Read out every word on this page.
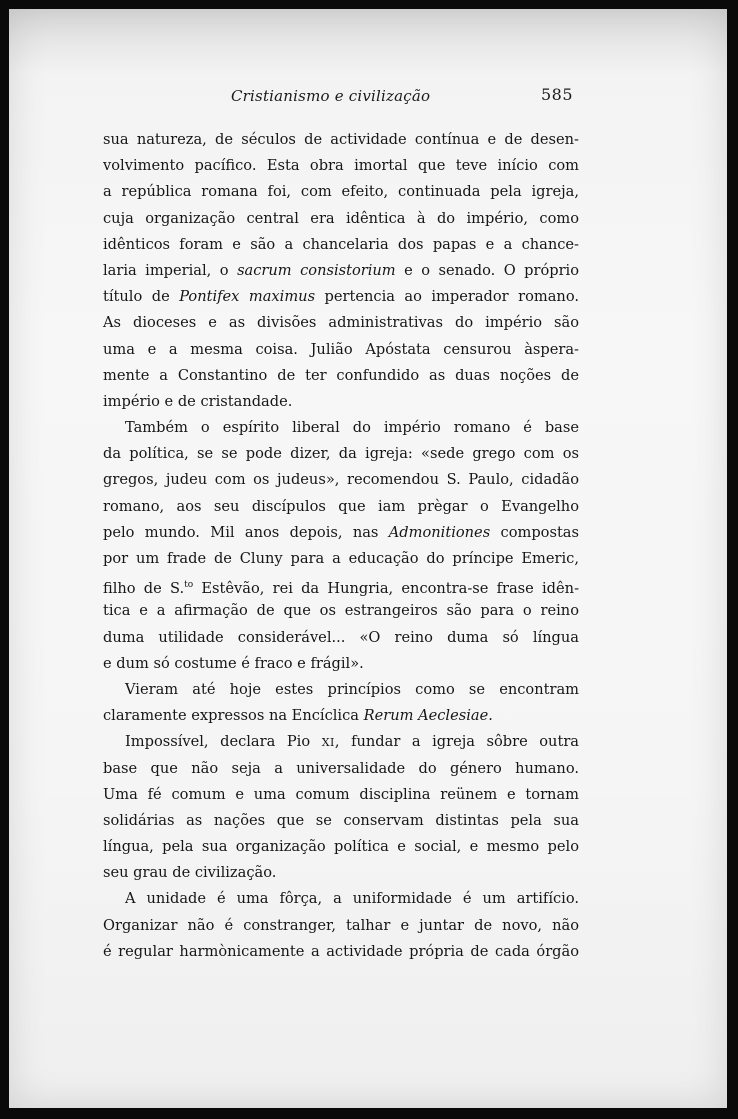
Cristianismo e civilização	585
sua natureza, de séculos de actividade contínua e de desen-
volvimento pacífico. Esta obra imortal que teve início com
a república romana foi, com efeito, continuada pela igreja,
cuja organização central era idêntica à do império, como
idênticos foram e são a chancelaria dos papas e a chance-
laria imperial, o sacrum consistorium e o senado. O próprio
título de Pontifex maximus pertencia ao imperador romano.
As dioceses e as divisões administrativas do império são
uma e a mesma coisa. Julião Apóstata censurou àspera-
mente a Constantino de ter confundido as duas noções de
império e de cristandade.
Também o espírito liberal do império romano é base
da política, se se pode dizer, da igreja: «sede grego com os
gregos, judeu com os judeus», recomendou S. Paulo, cidadão
romano, aos seu discípulos que iam prègar o Evangelho
pelo mundo. Mil anos depois, nas Admonitiones compostas
por um frade de Cluny para a educação do príncipe Emeric,
filho de S.$^{to}$ Estêvão, rei da Hungria, encontra-se frase idên-
tica e a afirmação de que os estrangeiros são para o reino
duma utilidade considerável... «O reino duma só língua
e dum só costume é fraco e frágil».
Vieram até hoje estes princípios como se encontram
claramente expressos na Encíclica Rerum Aeclesiae.
Impossível, declara Pio XI, fundar a igreja sôbre outra
base que não seja a universalidade do género humano.
Uma fé comum e uma comum disciplina reünem e tornam
solidárias as nações que se conservam distintas pela sua
língua, pela sua organização política e social, e mesmo pelo
seu grau de civilização.
A unidade é uma fôrça, a uniformidade é um artifício.
Organizar não é constranger, talhar e juntar de novo, não
é regular harmònicamente a actividade própria de cada órgão
